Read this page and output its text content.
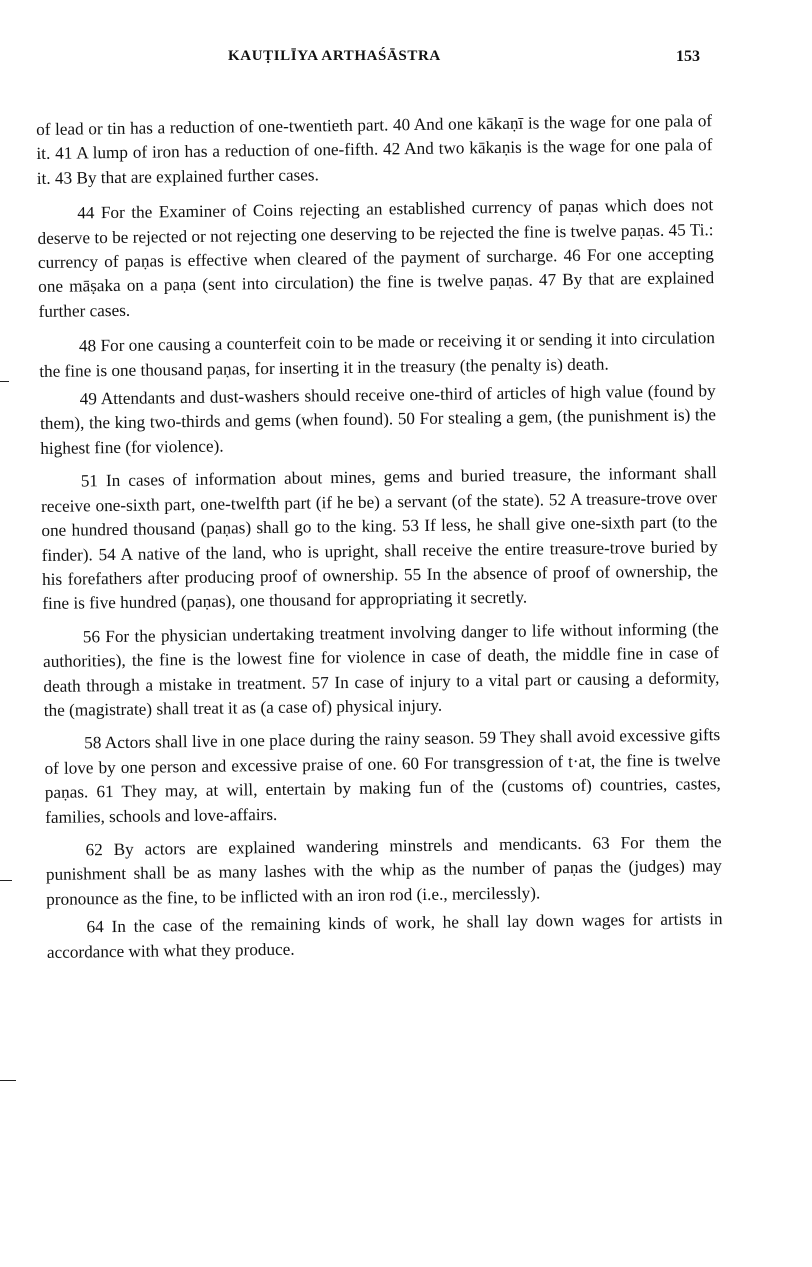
KAUṬILĪYA ARTHAŚĀSTRA	153

of lead or tin has a reduction of one-twentieth part. 40 And one kākaṇī is the wage for one pala of it. 41 A lump of iron has a reduction of one-fifth. 42 And two kākaṇis is the wage for one pala of it. 43 By that are explained further cases.

44 For the Examiner of Coins rejecting an established currency of paṇas which does not deserve to be rejected or not rejecting one deserving to be rejected the fine is twelve paṇas. 45 Ti.: currency of paṇas is effective when cleared of the payment of surcharge. 46 For one accepting one māṣaka on a paṇa (sent into circulation) the fine is twelve paṇas. 47 By that are explained further cases.

48 For one causing a counterfeit coin to be made or receiving it or sending it into circulation the fine is one thousand paṇas, for inserting it in the treasury (the penalty is) death.

49 Attendants and dust-washers should receive one-third of articles of high value (found by them), the king two-thirds and gems (when found). 50 For stealing a gem, (the punishment is) the highest fine (for violence).

51 In cases of information about mines, gems and buried treasure, the informant shall receive one-sixth part, one-twelfth part (if he be) a servant (of the state). 52 A treasure-trove over one hundred thousand (paṇas) shall go to the king. 53 If less, he shall give one-sixth part (to the finder). 54 A native of the land, who is upright, shall receive the entire treasure-trove buried by his forefathers after producing proof of ownership. 55 In the absence of proof of ownership, the fine is five hundred (paṇas), one thousand for appropriating it secretly.

56 For the physician undertaking treatment involving danger to life without informing (the authorities), the fine is the lowest fine for violence in case of death, the middle fine in case of death through a mistake in treatment. 57 In case of injury to a vital part or causing a deformity, the (magistrate) shall treat it as (a case of) physical injury.

58 Actors shall live in one place during the rainy season. 59 They shall avoid excessive gifts of love by one person and excessive praise of one. 60 For transgression of t·at, the fine is twelve paṇas. 61 They may, at will, entertain by making fun of the (customs of) countries, castes, families, schools and love-affairs.

62 By actors are explained wandering minstrels and mendicants. 63 For them the punishment shall be as many lashes with the whip as the number of paṇas the (judges) may pronounce as the fine, to be inflicted with an iron rod (i.e., mercilessly).

64 In the case of the remaining kinds of work, he shall lay down wages for artists in accordance with what they produce.
